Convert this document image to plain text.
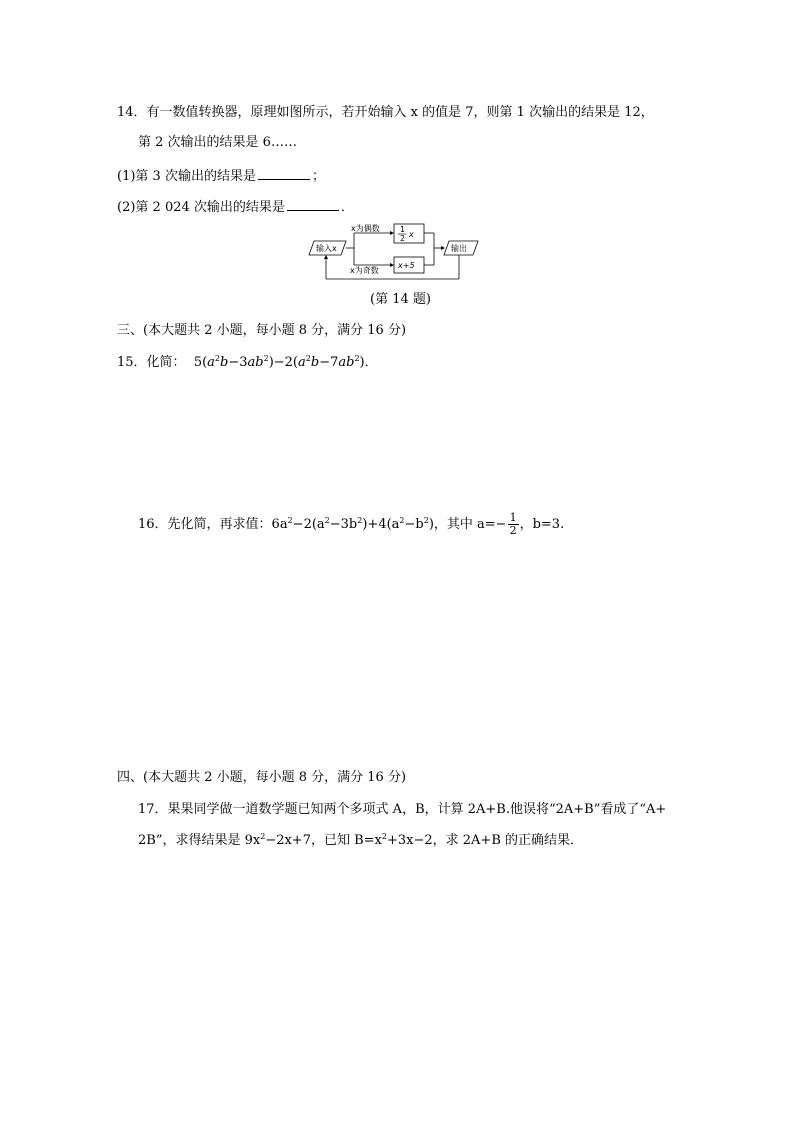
14．有一数值转换器，原理如图所示，若开始输入 x 的值是 7，则第 1 次输出的结果是 12，
第 2 次输出的结果是 6……
(1)第 3 次输出的结果是	；
(2)第 2 024 次输出的结果是	．
输入x
x为偶数
x为奇数
1
2 x
x+5
输出
(第 14 题)
三、(本大题共 2 小题，每小题 8 分，满分 16 分)
15．化简： $5(a^2b-3ab^2)-2(a^2b-7ab^2)$．
16．先化简，再求值：$6a^2-2(a^2-3b^2)+4(a^2-b^2)$，其中 $a=- \frac{1}{2}$ ，b=3.
四、(本大题共 2 小题，每小题 8 分，满分 16 分)
17．果果同学做一道数学题已知两个多项式 A，B，计算 2A+B.他误将“2A+B”看成了“A+
2B”，求得结果是 $9x^2-2x+7$，已知 $B=x^2+3x-2$，求 2A+B 的正确结果．
